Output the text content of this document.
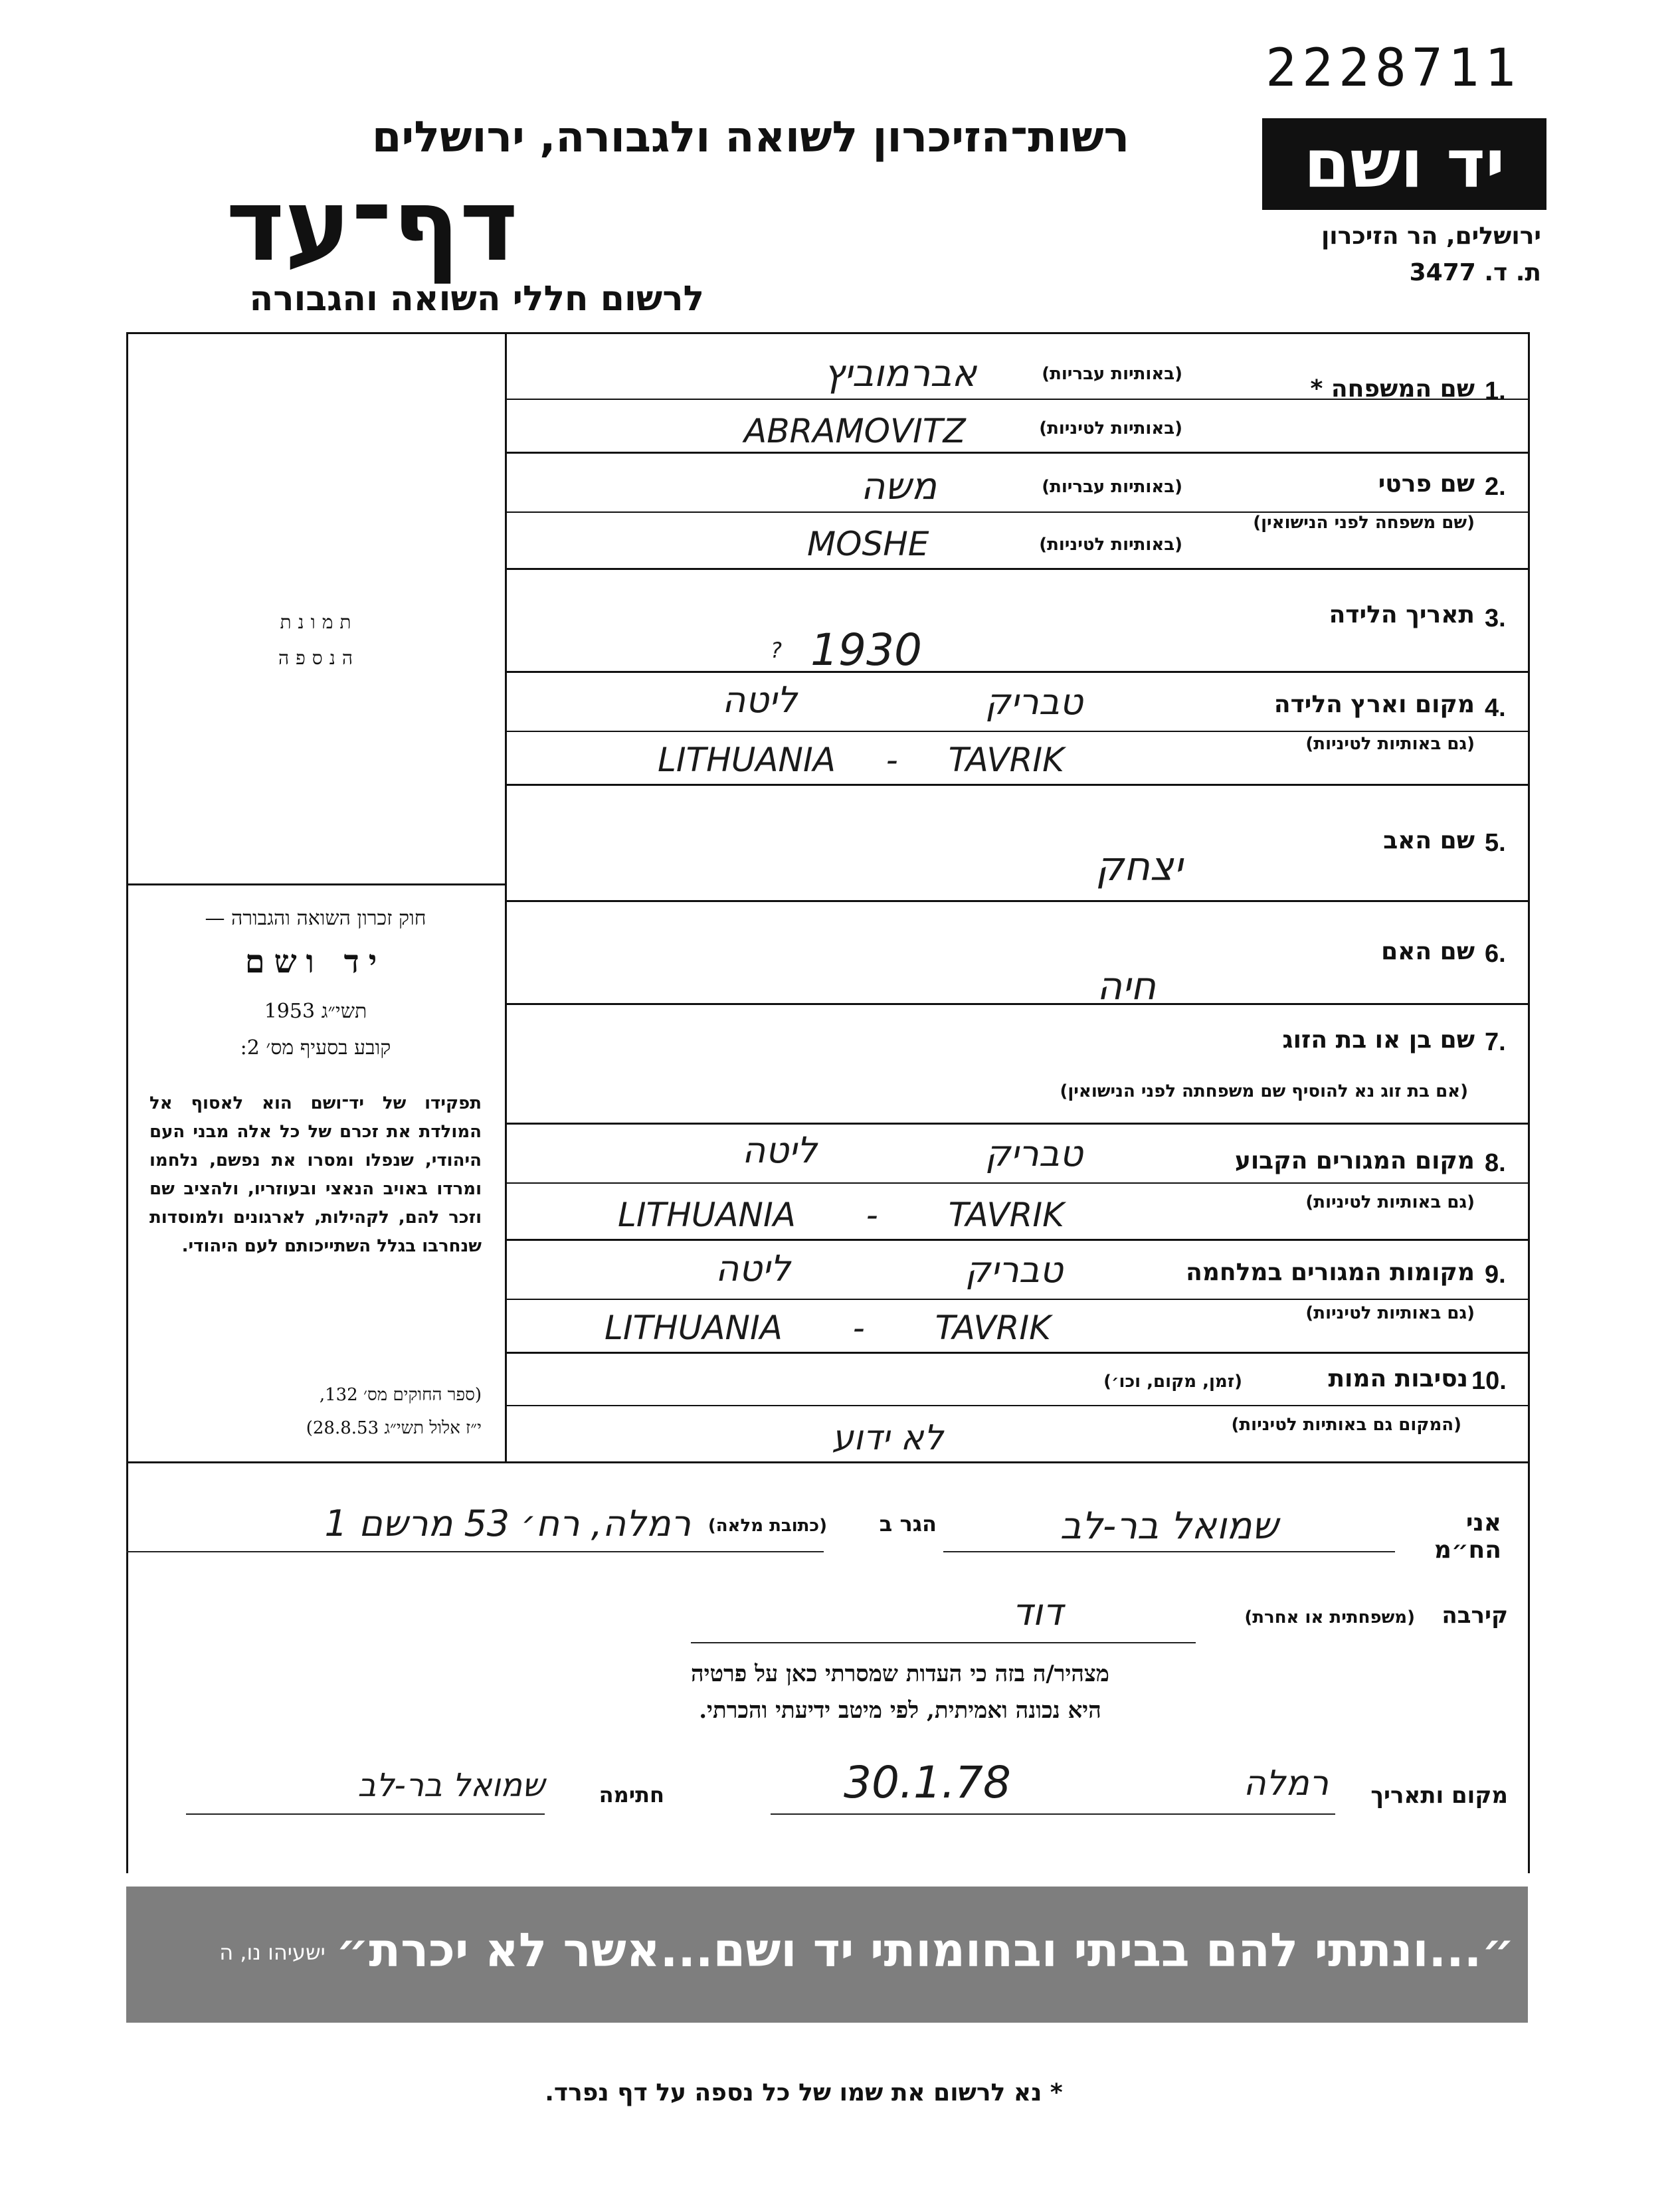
2228711
יד ושם
ירושלים, הר הזיכרון
ת. ד. 3477
רשות־הזיכרון לשואה ולגבורה, ירושלים
דף־עד
לרשום חללי השואה והגבורה
תמונת
הנספה
חוק זכרון השואה והגבורה —
יד ושם
תשי״ג 1953
קובע בסעיף מס׳ 2:
תפקידו של יד־ושם הוא לאסוף אל המולדת את זכרם של כל אלה מבני העם היהודי, שנפלו ומסרו את נפשם, נלחמו ומרדו באויב הנאצי ובעוזריו, ולהציב שם וזכר להם, לקהילות, לארגונים ולמוסדות שנחרבו בגלל השתייכותם לעם היהודי.
(ספר החוקים מס׳ 132,
י״ז אלול תשי״ג 28.8.53)
1.
שם המשפחה *
(באותיות עבריות)
(באותיות לטיניות)
אברמוביץ
ABRAMOVITZ
2.
שם פרטי
(שם משפחה לפני הנישואין)
(באותיות עבריות)
(באותיות לטיניות)
משה
MOSHE
3.
תאריך הלידה
? 1930
4.
מקום וארץ הלידה
(גם באותיות לטיניות)
טבריק
ליטה
LITHUANIA - TAVRIK
5.
שם האב
יצחק
6.
שם האם
חיה
7.
שם בן או בת הזוג
(אם בת זוג נא להוסיף שם משפחתה לפני הנישואין)
8.
מקום המגורים הקבוע
(גם באותיות לטיניות)
טבריק
ליטה
LITHUANIA - TAVRIK
9.
מקומות המגורים במלחמה
(גם באותיות לטיניות)
טבריק
ליטה
LITHUANIA - TAVRIK
10.
נסיבות המות
(זמן, מקום, וכו׳)
(המקום גם באותיות לטיניות)
לא ידוע
אני הח״מ
שמואל בר-לב
הגר ב
(כתובת מלאה)
רמלה, רח׳ 53 מרשם 1
קירבה
(משפחתית או אחרת)
דוד
מצהיר/ה בזה כי העדות שמסרתי כאן על פרטיה
היא נכונה ואמיתית, לפי מיטב ידיעתי והכרתי.
מקום ותאריך
רמלה
30.1.78
חתימה
שמואל בר-לב
״...ונתתי להם בביתי ובחומותי יד ושם...אשר לא יכרת״
ישעיהו נו, ה
* נא לרשום את שמו של כל נספה על דף נפרד.
